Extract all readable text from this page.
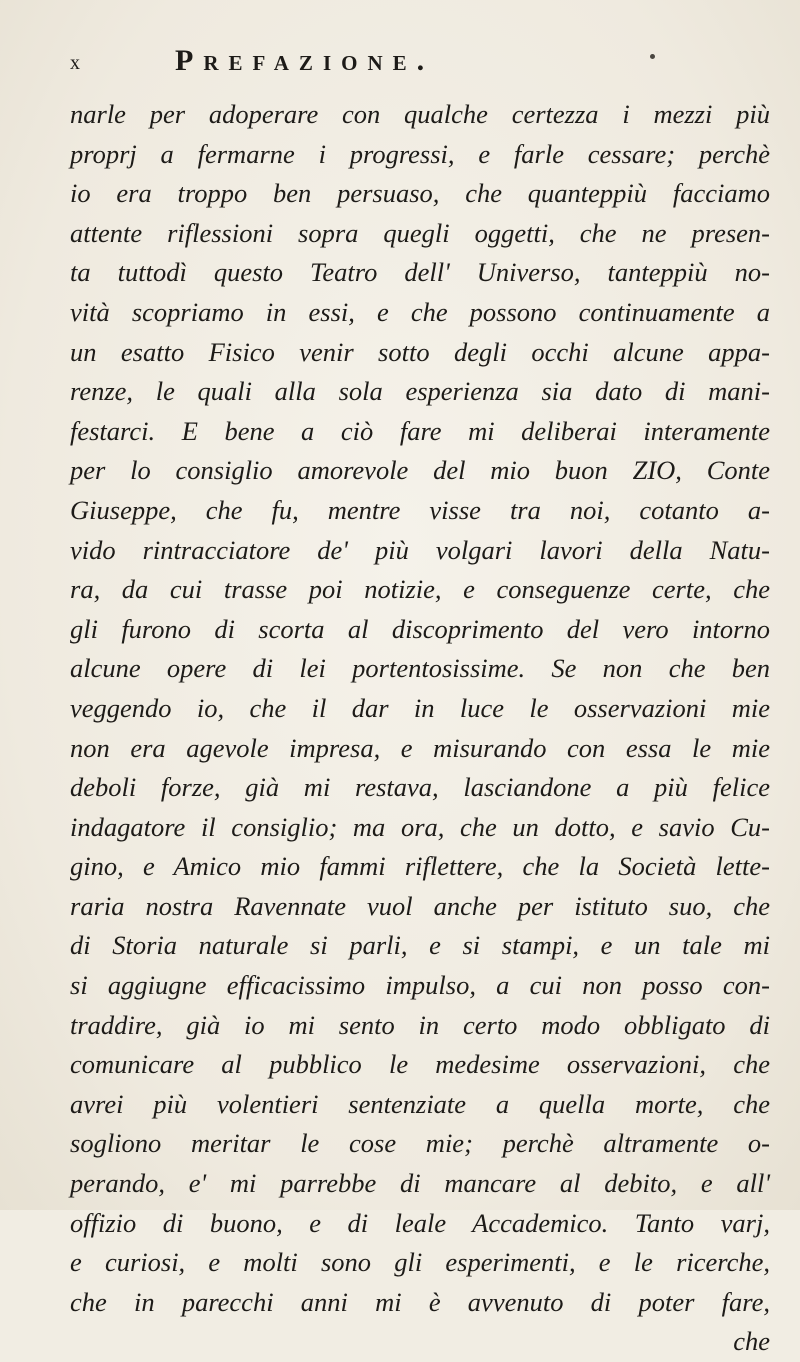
x	Prefazione.
narle per adoperare con qualche certezza i mezzi più
proprj a fermarne i progressi, e farle cessare; perchè
io era troppo ben persuaso, che quanteppiù facciamo
attente riflessioni sopra quegli oggetti, che ne presen-
ta tuttodì questo Teatro dell' Universo, tanteppiù no-
vità scopriamo in essi, e che possono continuamente a
un esatto Fisico venir sotto degli occhi alcune appa-
renze, le quali alla sola esperienza sia dato di mani-
festarci. E bene a ciò fare mi deliberai interamente
per lo consiglio amorevole del mio buon ZIO, Conte
Giuseppe, che fu, mentre visse tra noi, cotanto a-
vido rintracciatore de' più volgari lavori della Natu-
ra, da cui trasse poi notizie, e conseguenze certe, che
gli furono di scorta al discoprimento del vero intorno
alcune opere di lei portentosissime. Se non che ben
veggendo io, che il dar in luce le osservazioni mie
non era agevole impresa, e misurando con essa le mie
deboli forze, già mi restava, lasciandone a più felice
indagatore il consiglio; ma ora, che un dotto, e savio Cu-
gino, e Amico mio fammi riflettere, che la Società lette-
raria nostra Ravennate vuol anche per istituto suo, che
di Storia naturale si parli, e si stampi, e un tale mi
si aggiugne efficacissimo impulso, a cui non posso con-
traddire, già io mi sento in certo modo obbligato di
comunicare al pubblico le medesime osservazioni, che
avrei più volentieri sentenziate a quella morte, che
sogliono meritar le cose mie; perchè altramente o-
perando, e' mi parrebbe di mancare al debito, e all'
offizio di buono, e di leale Accademico. Tanto varj,
e curiosi, e molti sono gli esperimenti, e le ricerche,
che in parecchi anni mi è avvenuto di poter fare,
che
